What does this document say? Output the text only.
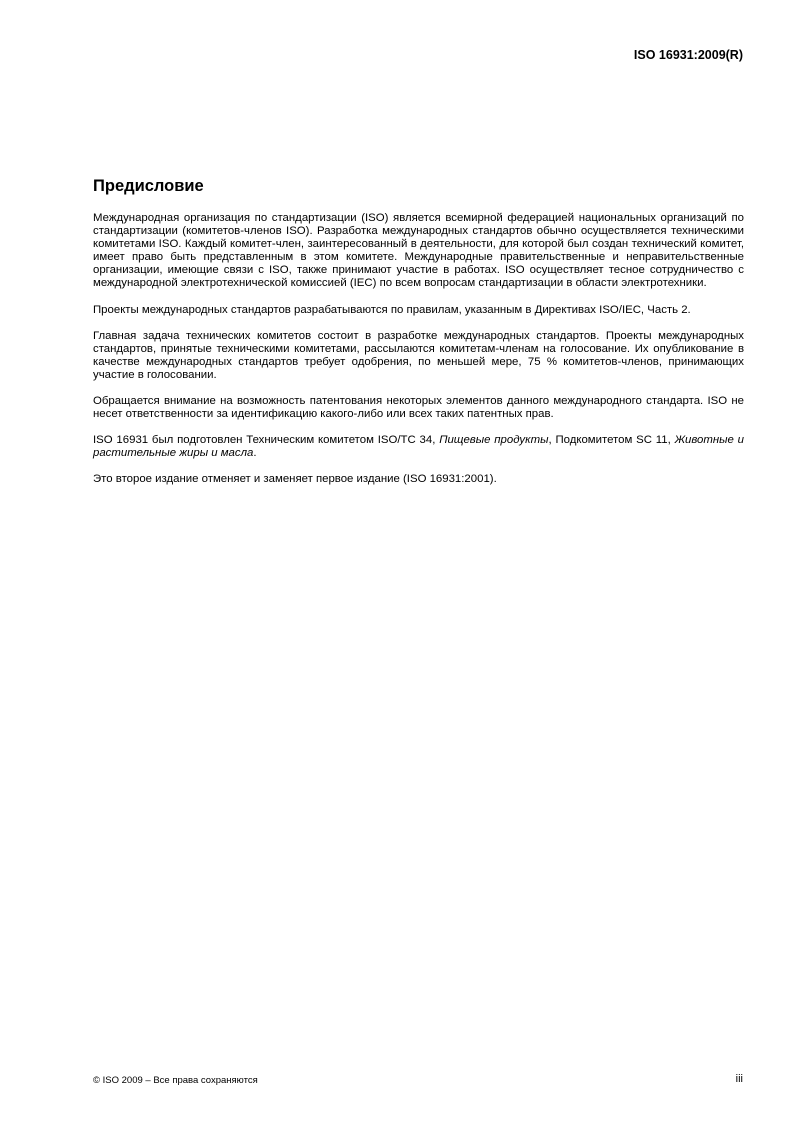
ISO 16931:2009(R)
Предисловие

Международная организация по стандартизации (ISO) является всемирной федерацией национальных организаций по стандартизации (комитетов-членов ISO). Разработка международных стандартов обычно осуществляется техническими комитетами ISO. Каждый комитет-член, заинтересованный в деятельности, для которой был создан технический комитет, имеет право быть представленным в этом комитете. Международные правительственные и неправительственные организации, имеющие связи с ISO, также принимают участие в работах. ISO осуществляет тесное сотрудничество с международной электротехнической комиссией (IEC) по всем вопросам стандартизации в области электротехники.

Проекты международных стандартов разрабатываются по правилам, указанным в Директивах ISO/IEC, Часть 2.

Главная задача технических комитетов состоит в разработке международных стандартов. Проекты международных стандартов, принятые техническими комитетами, рассылаются комитетам-членам на голосование. Их опубликование в качестве международных стандартов требует одобрения, по меньшей мере, 75 % комитетов-членов, принимающих участие в голосовании.

Обращается внимание на возможность патентования некоторых элементов данного международного стандарта. ISO не несет ответственности за идентификацию какого-либо или всех таких патентных прав.

ISO 16931 был подготовлен Техническим комитетом ISO/TC 34, Пищевые продукты, Подкомитетом SC 11, Животные и растительные жиры и масла.

Это второе издание отменяет и заменяет первое издание (ISO 16931:2001).

© ISO 2009 – Все права сохраняются	iii
